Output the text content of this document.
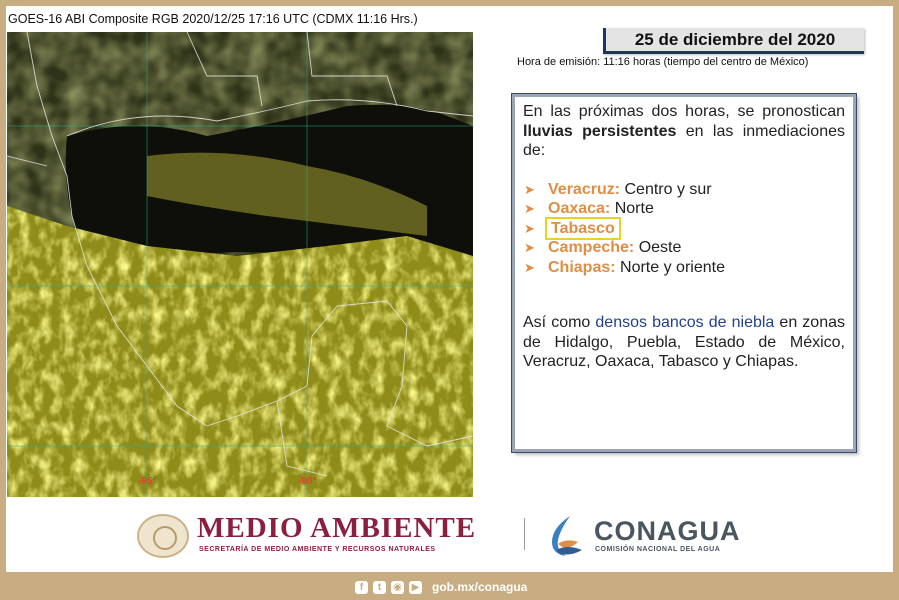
GOES-16 ABI Composite RGB 2020/12/25 17:16 UTC (CDMX 11:16 Hrs.)
-95°	-90°
25 de diciembre del 2020
Hora de emisión: 11:16 horas (tiempo del centro de México)

En las próximas dos horas, se pronostican lluvias persistentes en las inmediaciones de:

➤ Veracruz: Centro y sur
➤ Oaxaca: Norte
➤ Tabasco
➤ Campeche: Oeste
➤ Chiapas: Norte y oriente

Así como densos bancos de niebla en zonas de Hidalgo, Puebla, Estado de México, Veracruz, Oaxaca, Tabasco y Chiapas.

MEDIO AMBIENTE
SECRETARÍA DE MEDIO AMBIENTE Y RECURSOS NATURALES
CONAGUA
COMISIÓN NACIONAL DEL AGUA
f	t	◉ ▶ gob.mx/conagua
